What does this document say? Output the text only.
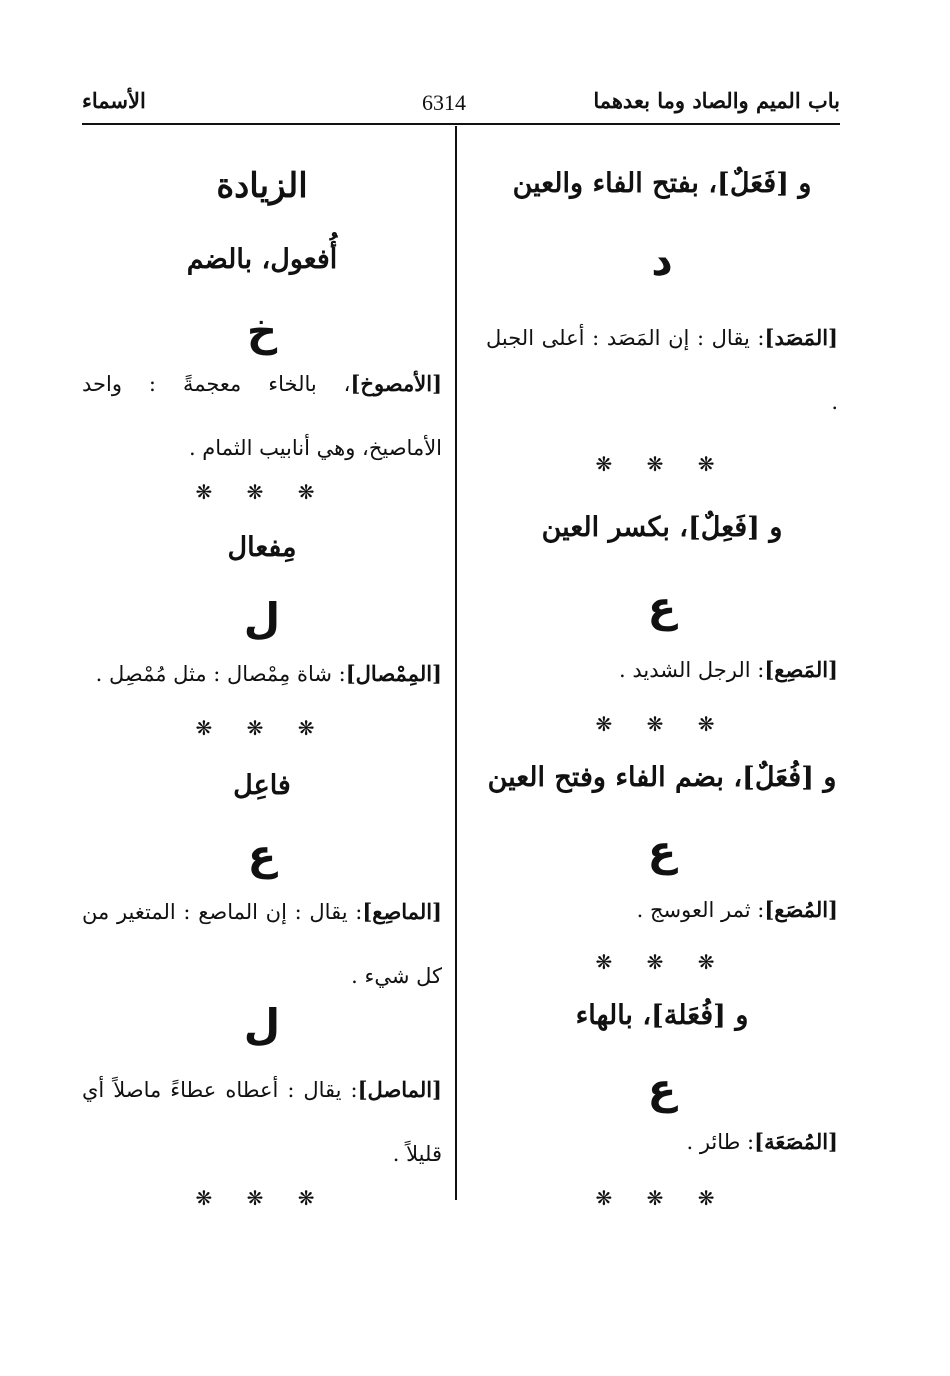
باب الميم والصاد وما بعدهما
6314
الأسماء
و [فَعَلٌ]، بفتح الفاء والعين
د
[المَصَد]: يقال : إن المَصَد : أعلى الجبل .
❋ ❋ ❋
و [فَعِلٌ]، بكسر العين
ع
[المَصِع]: الرجل الشديد .
❋ ❋ ❋
و [فُعَلٌ]، بضم الفاء وفتح العين
ع
[المُصَع]: ثمر العوسج .
❋ ❋ ❋
و [فُعَلة]، بالهاء
ع
[المُصَعَة]: طائر .
❋ ❋ ❋
الزيادة
أُفعول، بالضم
خ
[الأمصوخ]، بالخاء معجمةً : واحد الأماصيخ، وهي أنابيب الثمام .
❋ ❋ ❋
مِفعال
ل
[المِمْصال]: شاة مِمْصال : مثل مُمْصِل .
❋ ❋ ❋
فاعِل
ع
[الماصِع]: يقال : إن الماصع : المتغير من كل شيء .
ل
[الماصل]: يقال : أعطاه عطاءً ماصلاً أي قليلاً .
❋ ❋ ❋
